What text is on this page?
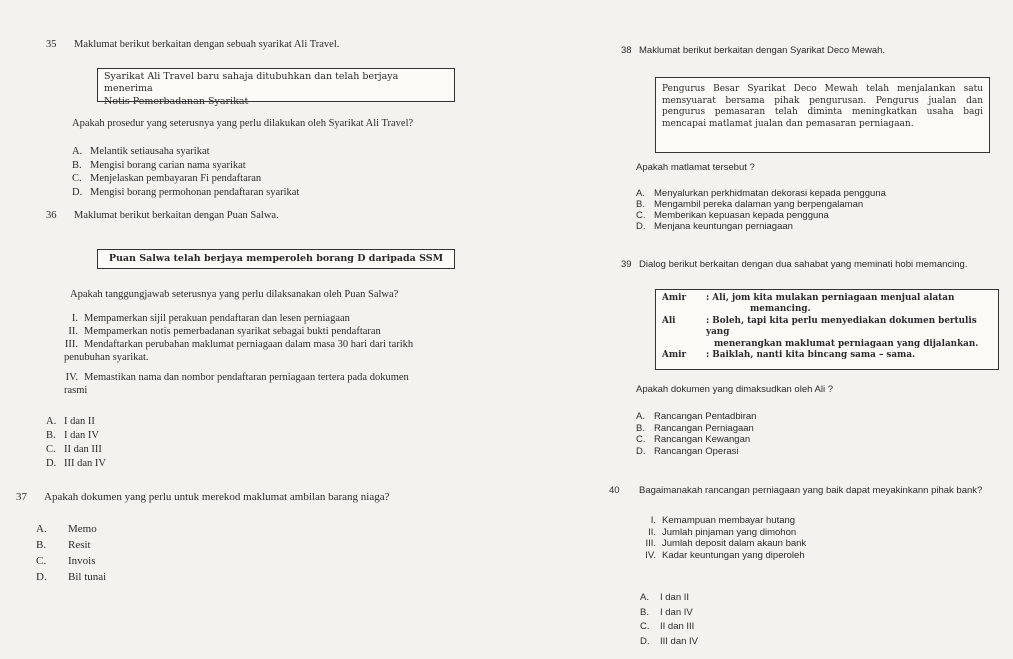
35 Maklumat berikut berkaitan dengan sebuah syarikat Ali Travel.
Syarikat Ali Travel baru sahaja ditubuhkan dan telah berjaya menerima
Notis Pemerbadanan Syarikat
Apakah prosedur yang seterusnya yang perlu dilakukan oleh Syarikat Ali Travel?
A. Melantik setiausaha syarikat
B. Mengisi borang carian nama syarikat
C. Menjelaskan pembayaran Fi pendaftaran
D. Mengisi borang permohonan pendaftaran syarikat
36 Maklumat berikut berkaitan dengan Puan Salwa.
Puan Salwa telah berjaya memperoleh borang D daripada SSM
Apakah tanggungjawab seterusnya yang perlu dilaksanakan oleh Puan Salwa?
I. Mempamerkan sijil perakuan pendaftaran dan lesen perniagaan
II. Mempamerkan notis pemerbadanan syarikat sebagai bukti pendaftaran
III. Mendaftarkan perubahan maklumat perniagaan dalam masa 30 hari dari tarikh
penubuhan syarikat.
IV. Memastikan nama dan nombor pendaftaran perniagaan tertera pada dokumen
rasmi
A. I dan II
B. I dan IV
C. II dan III
D. III dan IV
37 Apakah dokumen yang perlu untuk merekod maklumat ambilan barang niaga?
A. Memo
B. Resit
C. Invois
D. Bil tunai
38 Maklumat berikut berkaitan dengan Syarikat Deco Mewah.
Pengurus Besar Syarikat Deco Mewah telah menjalankan satu mensyuarat bersama pihak pengurusan. Pengurus jualan dan pengurus pemasaran telah diminta meningkatkan usaha bagi mencapai matlamat jualan dan pemasaran perniagaan.
Apakah matlamat tersebut ?
A. Menyalurkan perkhidmatan dekorasi kepada pengguna
B. Mengambil pereka dalaman yang berpengalaman
C. Memberikan kepuasan kepada pengguna
D. Menjana keuntungan perniagaan
39 Dialog berikut berkaitan dengan dua sahabat yang meminati hobi memancing.
Amir	: Ali, jom kita mulakan perniagaan menjual alatan
memancing.
Ali	: Boleh, tapi kita perlu menyediakan dokumen bertulis yang
menerangkan maklumat perniagaan yang dijalankan.
Amir	: Baiklah, nanti kita bincang sama – sama.
Apakah dokumen yang dimaksudkan oleh Ali ?
A. Rancangan Pentadbiran
B. Rancangan Perniagaan
C. Rancangan Kewangan
D. Rancangan Operasi
40 Bagaimanakah rancangan perniagaan yang baik dapat meyakinkann pihak bank?
I. Kemampuan membayar hutang
II. Jumlah pinjaman yang dimohon
III. Jumlah deposit dalam akaun bank
IV. Kadar keuntungan yang diperoleh
A. I dan II
B. I dan IV
C. II dan III
D. III dan IV
